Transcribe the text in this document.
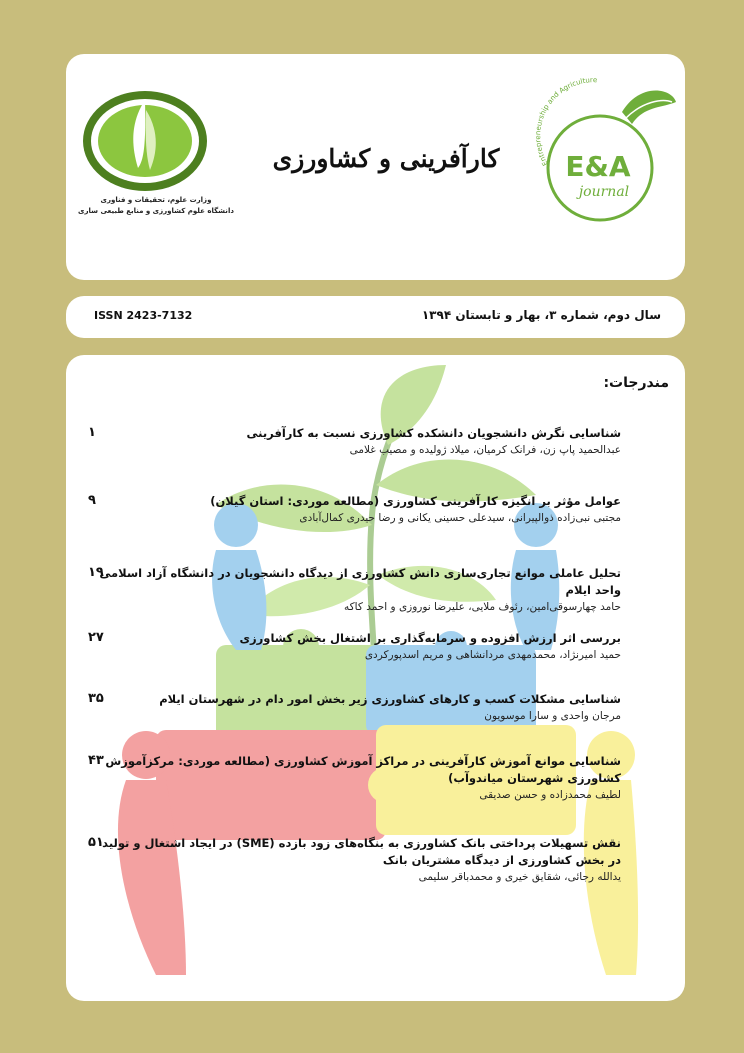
وزارت علوم، تحقیقات و فناوری
دانشگاه علوم کشاورزی و منابع طبیعی ساری
کارآفرینی و کشاورزی	Entrepreneurship and Agriculture
E&A
journal
ISSN 2423-7132	سال دوم، شماره ۳، بهار و تابستان ۱۳۹۴
مندرجات:
شناسایی نگرش دانشجویان دانشکده کشاورزی نسبت به کارآفرینی
عبدالحمید پاپ زن، فرانک کرمیان، میلاد ژولیده و مصیب غلامی
۱
عوامل مؤثر بر انگیزه کارآفرینی کشاورزی (مطالعه موردی: استان گیلان)
مجتبی نبی‌زاده ذوالپیرانی، سیدعلی حسینی یکانی و رضا حیدری کمال‌آبادی
۹
تحلیل عاملی موانع تجاری‌سازی دانش کشاورزی از دیدگاه دانشجویان در دانشگاه آزاد اسلامی واحد ایلام
حامد چهارسوقی‌امین، رئوف ملایی، علیرضا نوروزی و احمد کاکه
۱۹
بررسی اثر ارزش افزوده و سرمایه‌گذاری بر اشتغال بخش کشاورزی
حمید امیرنژاد، محمدمهدی مردانشاهی و مریم اسدپورکردی
۲۷
شناسایی مشکلات کسب و کارهای کشاورزی زیر بخش امور دام در شهرستان ایلام
مرجان واحدی و سارا موسویون
۳۵
شناسایی موانع آموزش کارآفرینی در مراکز آموزش کشاورزی (مطالعه موردی: مرکزآموزش کشاورزی شهرستان میاندوآب)
لطیف محمدزاده و حسن صدیقی
۴۳
نقش تسهیلات پرداختی بانک کشاورزی به بنگاه‌های زود بازده (SME) در ایجاد اشتغال و تولید در بخش کشاورزی از دیدگاه مشتریان بانک
یدالله رجائی، شقایق خیری و محمدباقر سلیمی
۵۱
